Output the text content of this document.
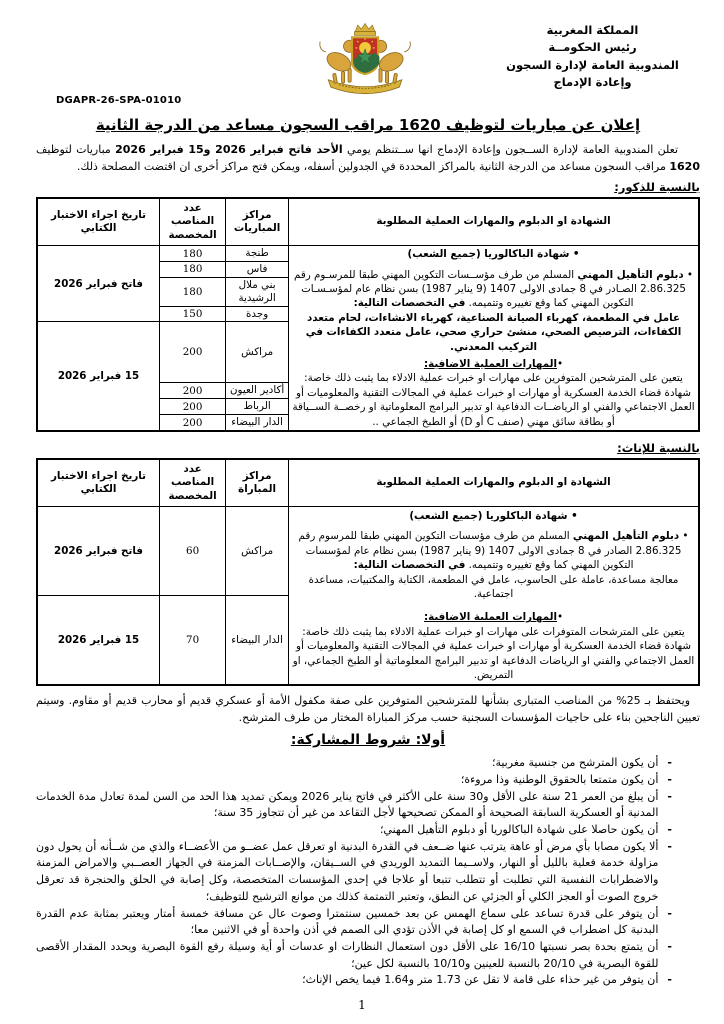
المملكة المغربية
رئيس الحكومــة
المندوبية العامة لإدارة السجون
وإعادة الإدماج
DGAPR-26-SPA-01010
إعلان عن مباريات لتوظيف 1620 مراقب السجون مساعد من الدرجة الثانية

تعلن المندوبية العامة لإدارة الســجون وإعادة الإدماج انها ســتنظم يومي الأحد فاتح فبراير 2026 و15 فبراير 2026 مباريات لتوظيف 1620 مراقب السجون مساعد من الدرجة الثانية بالمراكز المحددة في الجدولين أسفله، ويمكن فتح مراكز أخرى ان اقتضت المصلحة ذلك.

بالنسبة للذكور:
الشهادة او الدبلوم والمهارات العملية المطلوبة	مراكز المباريات	عدد المناصب المخصصة	تاريخ اجراء الاختبار الكتابي

• شهادة الباكالوريا (جميع الشعب)
• دبلوم التأهيل المهني المسلم من طرف مؤســسات التكوين المهني طبقا للمرسـوم رقم 2.86.325 الصـادر في 8 جمادى الاولى 1407 (9 يناير 1987) بسن نظام عام لمؤسـسـات التكوين المهني كما وقع تغييره وتتميمه. في التخصصات التالية:
عامل في المطعمة، كهرباء الصيانة الصناعية، كهرباء الانشاءات، لحام متعدد الكفاءات، الترصيص الصحي، منشئ حراري صحي، عامل متعدد الكفاءات في التركيب المعدني.
•المهارات العملية الاضافية:
يتعين على المترشحين المتوفرين على مهارات او خبرات عملية الادلاء بما يثبت ذلك خاصة:
شهادة قضاء الخدمة العسكرية أو مهارات او خبرات عملية في المجالات التقنية والمعلوميات أو العمل الاجتماعي والفني او الرياضــات الدفاعية او تدبير البرامج المعلوماتية او رخصــة الســياقة أو بطاقة سائق مهني (صنف C أو D) أو الطبخ الجماعي ..
	طنجة	180	فاتح فبراير 2026
	فاس	180	
	بني ملال الرشيدية	180	
	وجدة	150	
	مراكش	200	15 فبراير 2026
	أكادير العيون	200	
	الرباط	200	
	الدار البيضاء	200	
بالنسبة للإناث:
الشهادة او الدبلوم والمهارات العملية المطلوبة	مراكز المباراة	عدد المناصب المخصصة	تاريخ اجراء الاختبار الكتابي

• شهادة الباكلوريا (جميع الشعب)
• دبلوم التأهيل المهني المسلم من طرف مؤسسات التكوين المهني طبقا للمرسوم رقم 2.86.325 الصادر في 8 جمادى الاولى 1407 (9 يناير 1987) بسن نظام عام لمؤسسات التكوين المهني كما وقع تغييره وتتميمه. في التخصصات التالية:
معالجة مساعدة، عاملة على الحاسوب، عامل في المطعمة، الكتابة والمكتبيات، مساعدة اجتماعية.
•المهارات العملية الاضافية:
يتعين على المترشحات المتوفرات على مهارات او خبرات عملية الادلاء بما يثبت ذلك خاصة:
شهادة قضاء الخدمة العسكرية أو مهارات او خبرات عملية في المجالات التقنية والمعلوميات أو العمل الاجتماعي والفني او الرياضات الدفاعية او تدبير البرامج المعلوماتية أو الطبخ الجماعي، او التمريض.
	مراكش	60	فاتح فبراير 2026
	الدار البيضاء	70	15 فبراير 2026

ويحتفظ بـ 25% من المناصب المتبارى بشأنها للمترشحين المتوفرين على صفة مكفول الأمة أو عسكري قديم أو محارب قديم أو مقاوم. وسيتم تعيين الناجحين بناء على حاجيات المؤسسات السجنية حسب مركز المباراة المختار من طرف المترشح.

أولا: شروط المشاركة:
-
أن يكون المترشح من جنسية مغربية؛
-
أن يكون متمتعا بالحقوق الوطنية وذا مروءة؛
-
أن يبلغ من العمر 21 سنة على الأقل و30 سنة على الأكثر في فاتح يناير 2026 ويمكن تمديد هذا الحد من السن لمدة تعادل مدة الخدمات المدنية أو العسكرية السابقة الصحيحة أو الممكن تصحيحها لأجل التقاعد من غير أن تتجاوز 35 سنة؛
-
أن يكون حاصلا على شهادة الباكالوريا أو دبلوم التأهيل المهني؛
-
ألا يكون مصابا بأي مرض أو عاهة يترتب عنها ضــعف في القدرة البدنية او تعرقل عمل عضــو من الأعضــاء والذي من شــأنه أن يحول دون مزاولة خدمة فعلية بالليل أو النهار، ولاســيما التمديد الوريدي في الســيقان، والإصــابات المزمنة في الجهاز العصــبي والامراض المزمنة والاضطرابات النفسية التي تطلبت أو تتطلب تتبعا أو علاجا في إحدى المؤسسات المتخصصة، وكل إصابة في الحلق والحنجرة قد تعرقل خروج الصوت أو العجز الكلي أو الجزئي عن النطق، وتعتبر التمتمة كذلك من موانع الترشيح للتوظيف؛
-
أن يتوفر على قدرة تساعد على سماع الهمس عن بعد خمسين سنتمترا وصوت عال عن مسافة خمسة أمتار ويعتبر بمثابة عدم القدرة البدنية كل اضطراب في السمع او كل إصابة في الأذن تؤدي الى الصمم في أذن واحدة أو في الاثنين معا؛
-
أن يتمتع بحدة بصر نسبتها 16/10 على الأقل دون استعمال النظارات او عدسات أو أية وسيلة رفع القوة البصرية ويحدد المقدار الأقصى للقوة البصرية في 20/10 بالنسبة للعينين و10/10 بالنسبة لكل عين؛
-
أن يتوفر من غير حذاء على قامة لا تقل عن 1.73 متر و1.64 فيما يخص الإناث؛
1
